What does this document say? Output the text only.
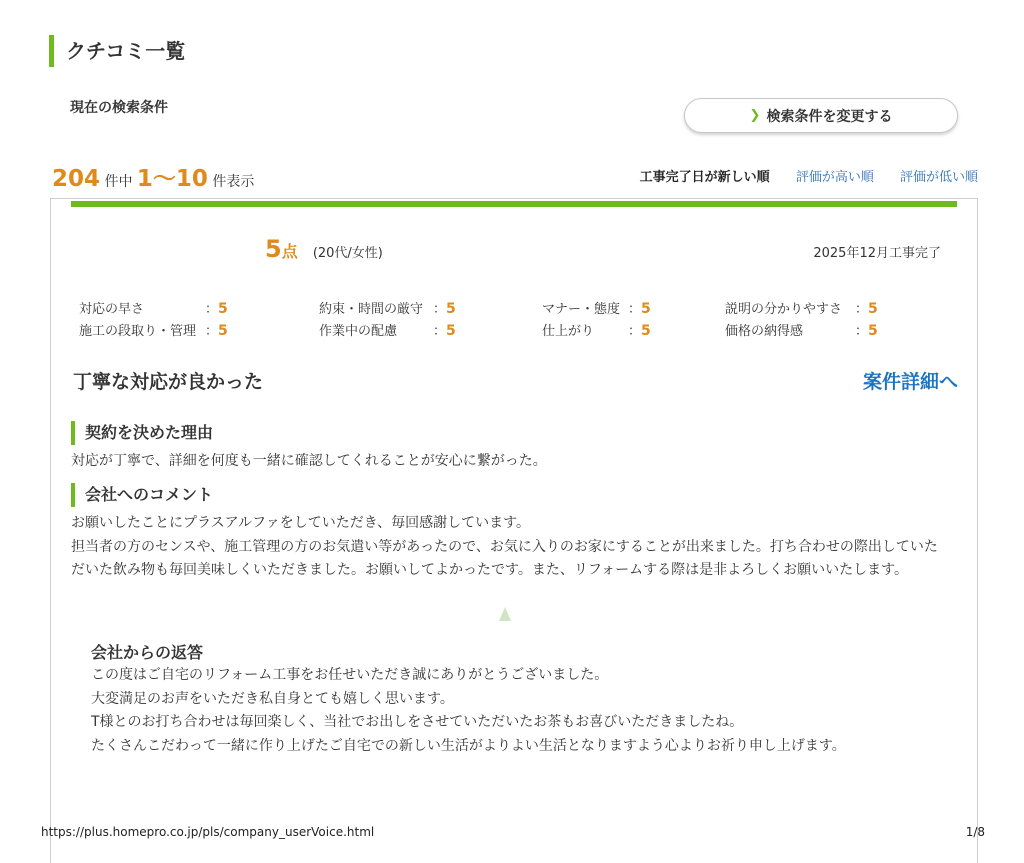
クチコミ一覧
現在の検索条件	❯ 検索条件を変更する
204 件中 1〜10 件表示	工事完了日が新しい順 評価が高い順 評価が低い順
5点 (20代/女性)	2025年12月工事完了
対応の早さ	：5	約束・時間の厳守 ：5	マナー・態度 ：5	説明の分かりやすさ ：5
施工の段取り・管理 ：5	作業中の配慮	：5	仕上がり	：5	価格の納得感	：5
丁寧な対応が良かった	案件詳細へ
契約を決めた理由
対応が丁寧で、詳細を何度も一緒に確認してくれることが安心に繋がった。
会社へのコメント
お願いしたことにプラスアルファをしていただき、毎回感謝しています。
担当者の方のセンスや、施工管理の方のお気遣い等があったので、お気に入りのお家にすることが出来ました。打ち合わせの際出していただいた飲み物も毎回美味しくいただきました。お願いしてよかったです。また、リフォームする際は是非よろしくお願いいたします。
会社からの返答
この度はご自宅のリフォーム工事をお任せいただき誠にありがとうございました。
大変満足のお声をいただき私自身とても嬉しく思います。
T様とのお打ち合わせは毎回楽しく、当社でお出しをさせていただいたお茶もお喜びいただきましたね。
たくさんこだわって一緒に作り上げたご自宅での新しい生活がよりよい生活となりますよう心よりお祈り申し上げます。
https://plus.homepro.co.jp/pls/company_userVoice.html	1/8
